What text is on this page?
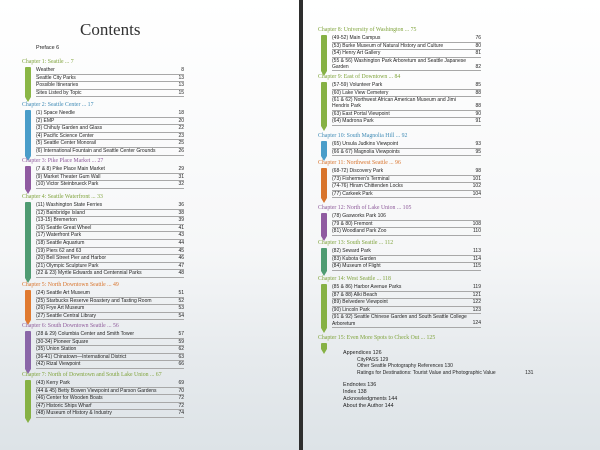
Contents
Preface 6
Chapter 1: Seattle ... 7
Weather	8
Seattle City Parks	13
Possible Itineraries	13
Sites Listed by Topic	15
Chapter 2: Seattle Center ... 17
(1) Space Needle	18
(2) EMP	20
(3) Chihuly Garden and Glass	22
(4) Pacific Science Center	23
(5) Seattle Center Monorail	25
(6) International Fountain and Seattle Center Grounds	26
Chapter 3: Pike Place Market ... 27
(7 & 8) Pike Place Main Market	29
(9) Market Theater Gum Wall	31
(10) Victor Steinbrueck Park	32
Chapter 4: Seattle Waterfront ... 33
(11) Washington State Ferries	36
(12) Bainbridge Island	38
(13-15) Bremerton	39
(16) Seattle Great Wheel	41
(17) Waterfront Park	43
(18) Seattle Aquarium	44
(19) Piers 62 and 63	45
(20) Bell Street Pier and Harbor	46
(21) Olympic Sculpture Park	47
(22 & 23) Myrtle Edwards and Centennial Parks	48
Chapter 5: North Downtown Seattle ... 49
(24) Seattle Art Museum	51
(25) Starbucks Reserve Roastery and Tasting Room	52
(26) Frye Art Museum	53
(27) Seattle Central Library	54
Chapter 6: South Downtown Seattle ... 56
(28 & 29) Columbia Center and Smith Tower	57
(30-34) Pioneer Square	59
(35) Union Station	62
(36-41) Chinatown—International District	63
(42) Rizal Viewpoint	66
Chapter 7: North of Downtown and South Lake Union ... 67
(43) Kerry Park	69
(44 & 45) Betty Bowen Viewpoint and Parson Gardens	70
(46) Center for Wooden Boats	72
(47) Historic Ships Wharf	72
(48) Museum of History & Industry	74
Chapter 8: University of Washington ... 75
(49-52) Main Campus	76
(53) Burke Museum of Natural History and Culture	80
(54) Henry Art Gallery	81
(55 & 56) Washington Park Arboretum and Seattle Japanese Garden	82
Chapter 9: East of Downtown ... 84
(57-59) Volunteer Park	85
(60) Lake View Cemetery	88
(61 & 62) Northwest African American Museum and Jimi Hendrix Park	88
(63) East Portal Viewpoint	90
(64) Madrona Park	91
Chapter 10: South Magnolia Hill ... 92
(65) Ursula Judkins Viewpoint	93
(66 & 67) Magnolia Viewpoints	95
Chapter 11: Northwest Seattle ... 96
(68-72) Discovery Park	98
(73) Fishermen's Terminal	101
(74-76) Hiram Chittenden Locks	102
(77) Carkeek Park	104
Chapter 12: North of Lake Union ... 105
(78) Gasworks Park 106
(79 & 80) Fremont	108
(81) Woodland Park Zoo	110
Chapter 13: South Seattle ... 112
(82) Seward Park	113
(83) Kubota Garden	114
(84) Museum of Flight	115
Chapter 14: West Seattle ... 118
(85 & 86) Harbor Avenue Parks	119
(87 & 88) Alki Beach	121
(89) Belvedere Viewpoint	122
(90) Lincoln Park	123
(91 & 92) Seattle Chinese Garden and South Seattle College Arboretum	124
Chapter 15: Even More Spots to Check Out ... 125
Appendices 126
CityPASS 129
Other Seattle Photography References 130
Ratings for Destinations: Tourist Value and Photographic Value	131
Endnotes 136
Index 138
Acknowledgments 144
About the Author 144
